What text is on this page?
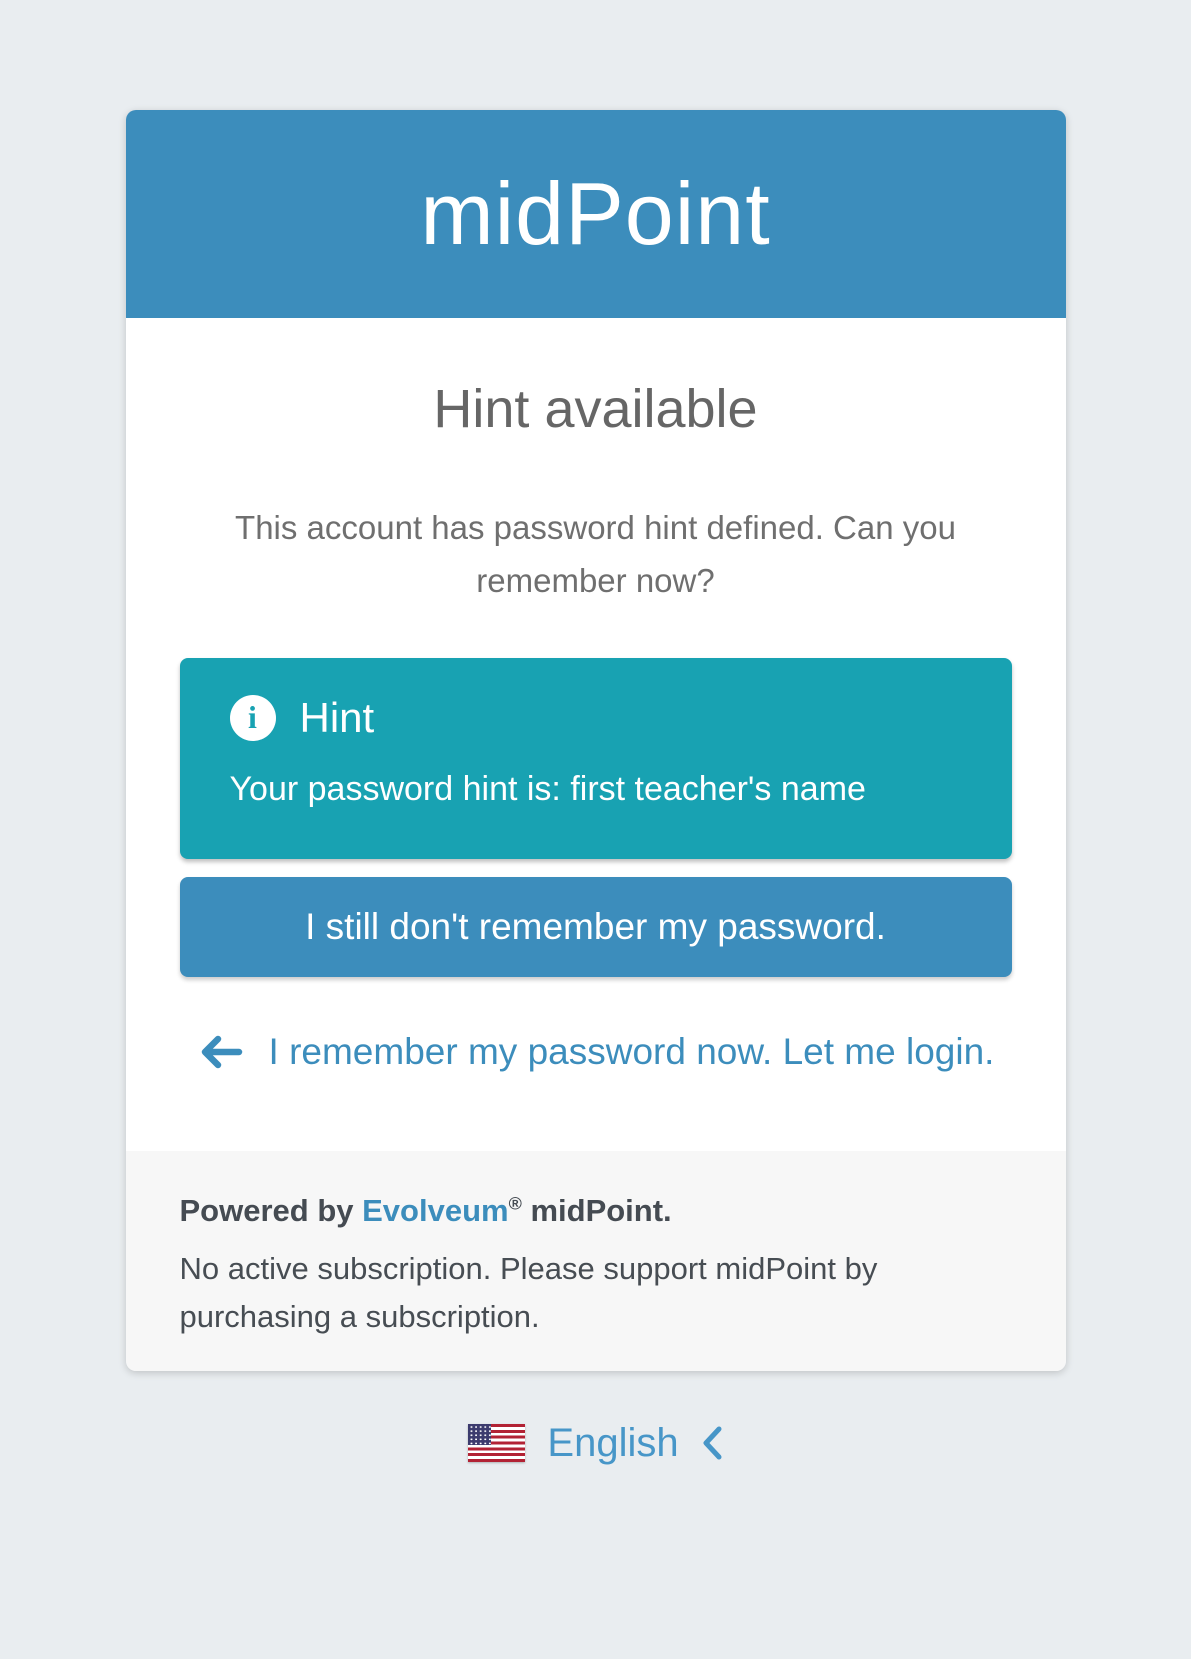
midPoint
Hint available

This account has password hint defined. Can you remember now?

i Hint
Your password hint is: first teacher's name
I still don't remember my password.
I remember my password now. Let me login.
Powered by Evolveum® midPoint.
No active subscription. Please support midPoint by purchasing a subscription.
English
